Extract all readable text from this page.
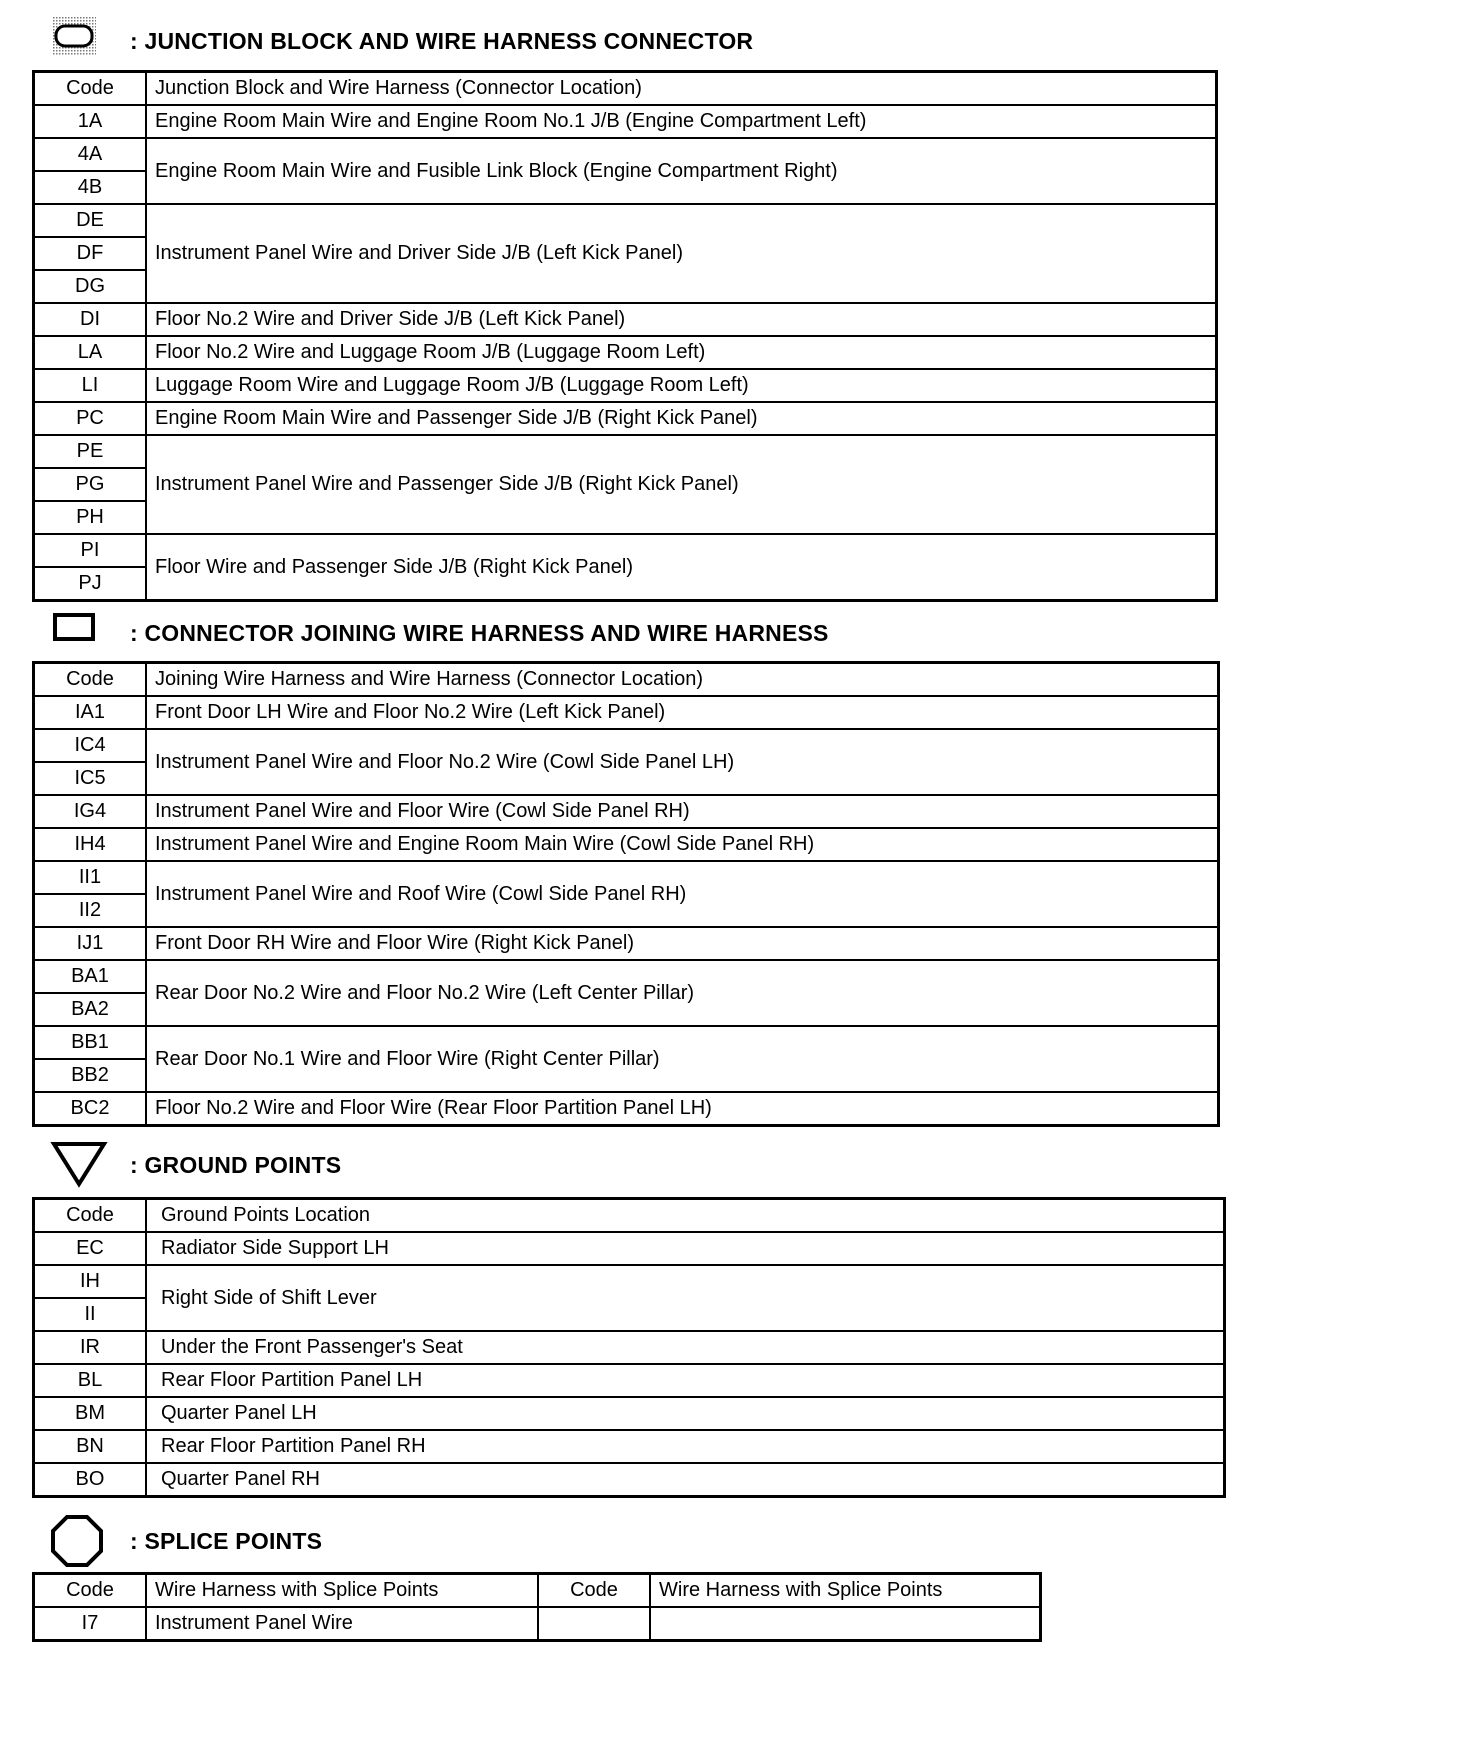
: JUNCTION BLOCK AND WIRE HARNESS CONNECTOR
Code	Junction Block and Wire Harness (Connector Location)
1A	Engine Room Main Wire and Engine Room No.1 J/B (Engine Compartment Left)
4A	Engine Room Main Wire and Fusible Link Block (Engine Compartment Right)
4B	
DE	Instrument Panel Wire and Driver Side J/B (Left Kick Panel)
DF	
DG	
DI	Floor No.2 Wire and Driver Side J/B (Left Kick Panel)
LA	Floor No.2 Wire and Luggage Room J/B (Luggage Room Left)
LI	Luggage Room Wire and Luggage Room J/B (Luggage Room Left)
PC	Engine Room Main Wire and Passenger Side J/B (Right Kick Panel)
PE	Instrument Panel Wire and Passenger Side J/B (Right Kick Panel)
PG	
PH	
PI	Floor Wire and Passenger Side J/B (Right Kick Panel)
PJ	
: CONNECTOR JOINING WIRE HARNESS AND WIRE HARNESS
Code	Joining Wire Harness and Wire Harness (Connector Location)
IA1	Front Door LH Wire and Floor No.2 Wire (Left Kick Panel)
IC4	Instrument Panel Wire and Floor No.2 Wire (Cowl Side Panel LH)
IC5	
IG4	Instrument Panel Wire and Floor Wire (Cowl Side Panel RH)
IH4	Instrument Panel Wire and Engine Room Main Wire (Cowl Side Panel RH)
II1	Instrument Panel Wire and Roof Wire (Cowl Side Panel RH)
II2	
IJ1	Front Door RH Wire and Floor Wire (Right Kick Panel)
BA1	Rear Door No.2 Wire and Floor No.2 Wire (Left Center Pillar)
BA2	
BB1	Rear Door No.1 Wire and Floor Wire (Right Center Pillar)
BB2	
BC2	Floor No.2 Wire and Floor Wire (Rear Floor Partition Panel LH)
: GROUND POINTS
Code	Ground Points Location
EC	Radiator Side Support LH
IH	Right Side of Shift Lever
II	
IR	Under the Front Passenger's Seat
BL	Rear Floor Partition Panel LH
BM	Quarter Panel LH
BN	Rear Floor Partition Panel RH
BO	Quarter Panel RH
: SPLICE POINTS
Code	Wire Harness with Splice Points	Code	Wire Harness with Splice Points
I7	Instrument Panel Wire		
